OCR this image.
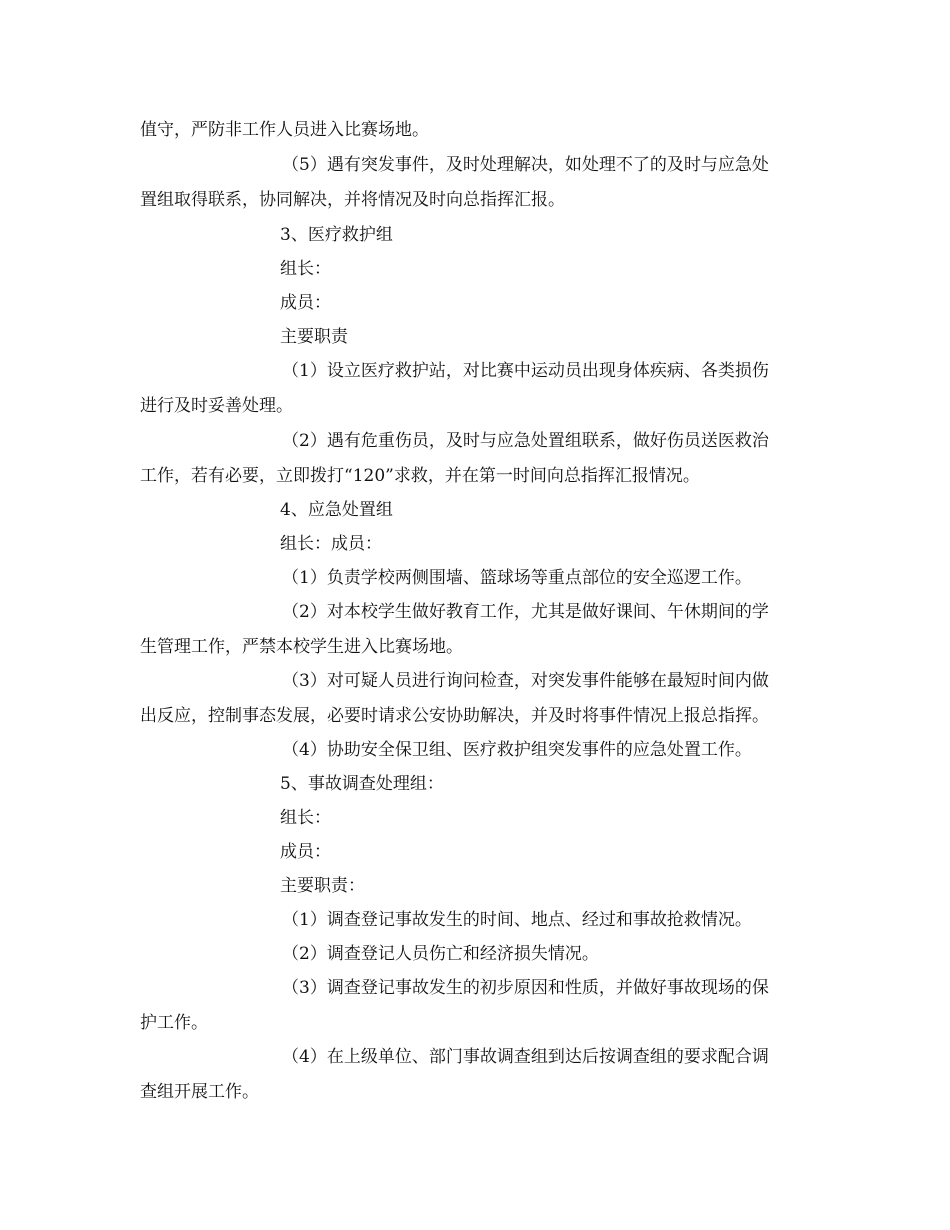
值守，严防非工作人员进入比赛场地。
（5）遇有突发事件，及时处理解决，如处理不了的及时与应急处
置组取得联系，协同解决，并将情况及时向总指挥汇报。
3、医疗救护组
组长：
成员：
主要职责
（1）设立医疗救护站，对比赛中运动员出现身体疾病、各类损伤
进行及时妥善处理。
（2）遇有危重伤员，及时与应急处置组联系，做好伤员送医救治
工作，若有必要，立即拨打“120”求救，并在第一时间向总指挥汇报情况。
4、应急处置组
组长：成员：
（1）负责学校两侧围墙、篮球场等重点部位的安全巡逻工作。
（2）对本校学生做好教育工作，尤其是做好课间、午休期间的学
生管理工作，严禁本校学生进入比赛场地。
（3）对可疑人员进行询问检查，对突发事件能够在最短时间内做
出反应，控制事态发展，必要时请求公安协助解决，并及时将事件情况上报总指挥。
（4）协助安全保卫组、医疗救护组突发事件的应急处置工作。
5、事故调查处理组：
组长：
成员：
主要职责：
（1）调查登记事故发生的时间、地点、经过和事故抢救情况。
（2）调查登记人员伤亡和经济损失情况。
（3）调查登记事故发生的初步原因和性质，并做好事故现场的保
护工作。
（4）在上级单位、部门事故调查组到达后按调查组的要求配合调
查组开展工作。
